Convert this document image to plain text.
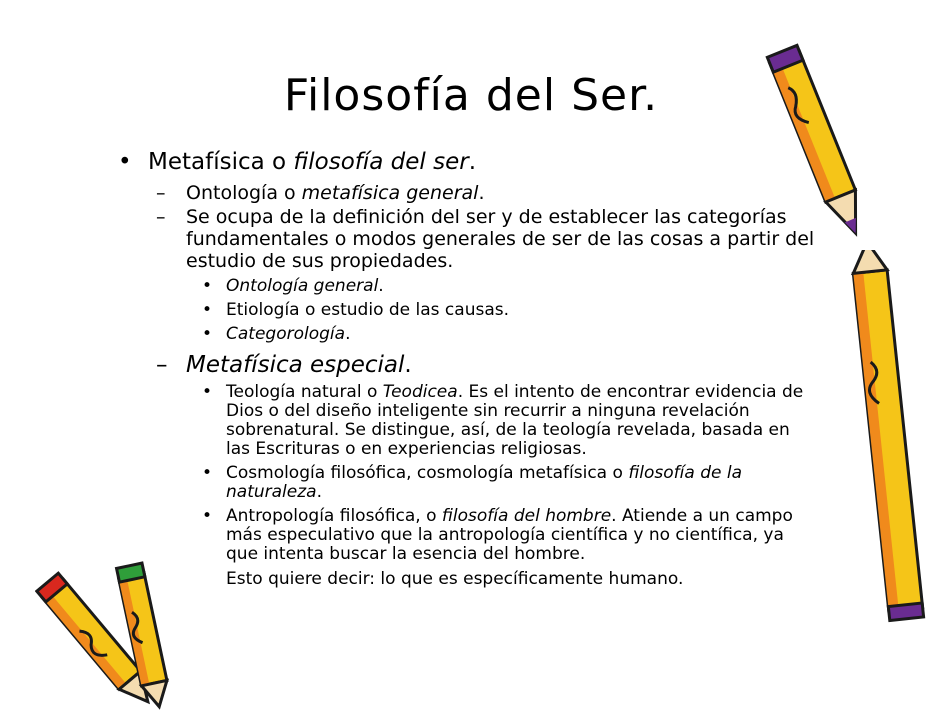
Filosofía del Ser.
• Metafísica o filosofía del ser.
– Ontología o metafísica general.
– Se ocupa de la definición del ser y de establecer las categorías fundamentales o modos generales de ser de las cosas a partir del estudio de sus propiedades.
• Ontología general.
• Etiología o estudio de las causas.
• Categorología.
– Metafísica especial.
• Teología natural o Teodicea. Es el intento de encontrar evidencia de Dios o del diseño inteligente sin recurrir a ninguna revelación sobrenatural. Se distingue, así, de la teología revelada, basada en las Escrituras o en experiencias religiosas.
• Cosmología filosófica, cosmología metafísica o filosofía de la naturaleza.
• Antropología filosófica, o filosofía del hombre. Atiende a un campo más especulativo que la antropología científica y no científica, ya que intenta buscar la esencia del hombre.
Esto quiere decir: lo que es específicamente humano.
